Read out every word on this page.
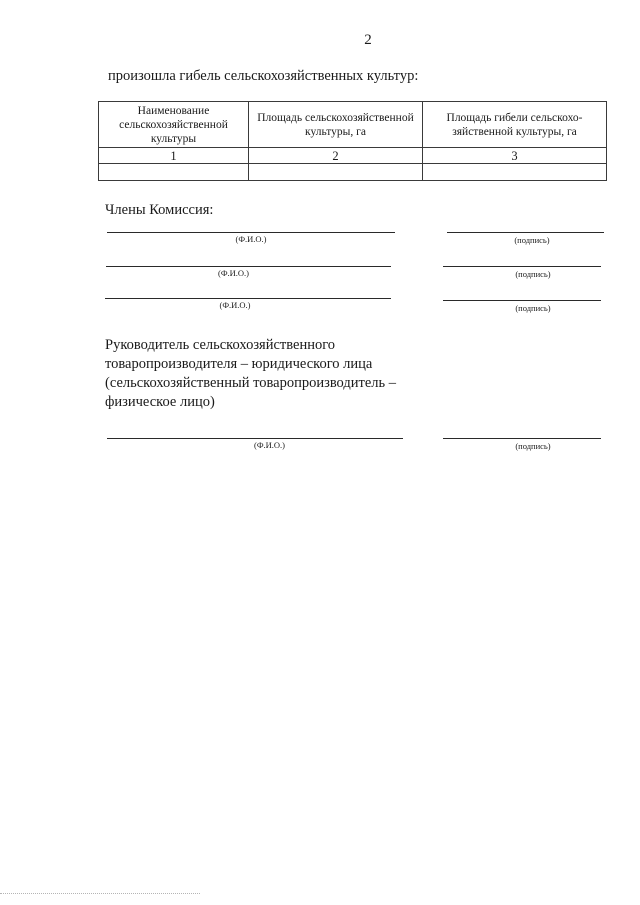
2
произошла гибель сельскохозяйственных культур:
Наименование сельскохозяйственной культуры	Площадь сельскохозяйственной культуры, га	Площадь гибели сельскохо-зяйственной культуры, га
1	2	3

Члены Комиссия:
(Ф.И.О.)	(подпись)
(Ф.И.О.)	(подпись)
(Ф.И.О.)	(подпись)
Руководитель сельскохозяйственного
товаропроизводителя – юридического лица
(сельскохозяйственный товаропроизводитель –
физическое лицо)
(Ф.И.О.)	(подпись)
